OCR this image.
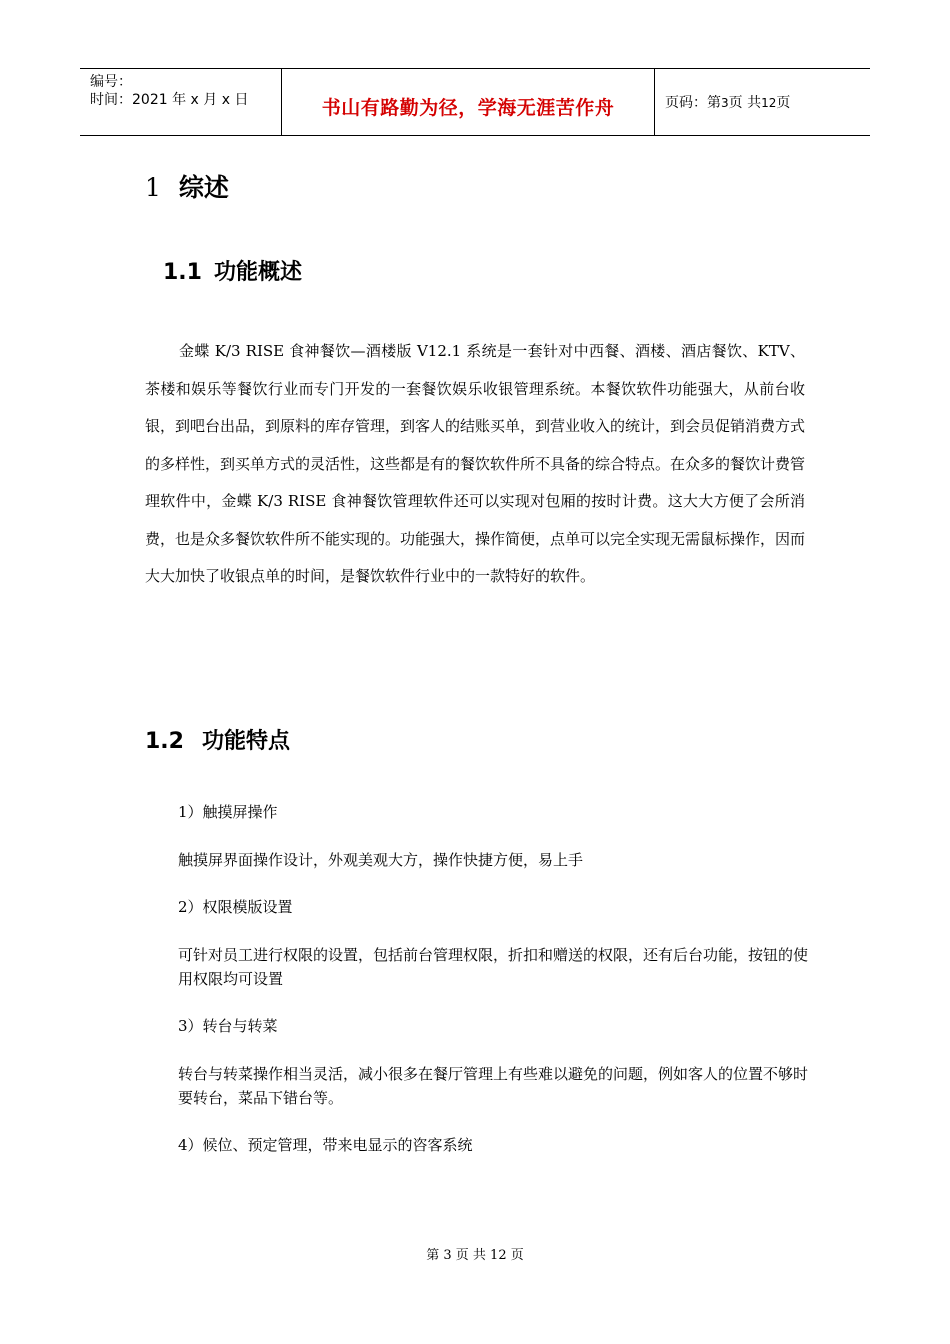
编号：
时间：2021 年 x 月 x 日	书山有路勤为径，学海无涯苦作舟	页码：第3页 共12页
1 综述
1.1 功能概述

金蝶 K/3 RISE 食神餐饮—酒楼版 V12.1 系统是一套针对中西餐、酒楼、酒店餐饮、KTV、茶楼和娱乐等餐饮行业而专门开发的一套餐饮娱乐收银管理系统。本餐饮软件功能强大，从前台收银，到吧台出品，到原料的库存管理，到客人的结账买单，到营业收入的统计，到会员促销消费方式的多样性，到买单方式的灵活性，这些都是有的餐饮软件所不具备的综合特点。在众多的餐饮计费管理软件中，金蝶 K/3 RISE 食神餐饮管理软件还可以实现对包厢的按时计费。这大大方便了会所消费，也是众多餐饮软件所不能实现的。功能强大，操作简便，点单可以完全实现无需鼠标操作，因而大大加快了收银点单的时间，是餐饮软件行业中的一款特好的软件。

1.2 功能特点
1）触摸屏操作
触摸屏界面操作设计，外观美观大方，操作快捷方便，易上手
2）权限模版设置
可针对员工进行权限的设置，包括前台管理权限，折扣和赠送的权限，还有后台功能，按钮的使用权限均可设置
3）转台与转菜
转台与转菜操作相当灵活，减小很多在餐厅管理上有些难以避免的问题，例如客人的位置不够时要转台，菜品下错台等。
4）候位、预定管理，带来电显示的咨客系统
第 3 页 共 12 页
